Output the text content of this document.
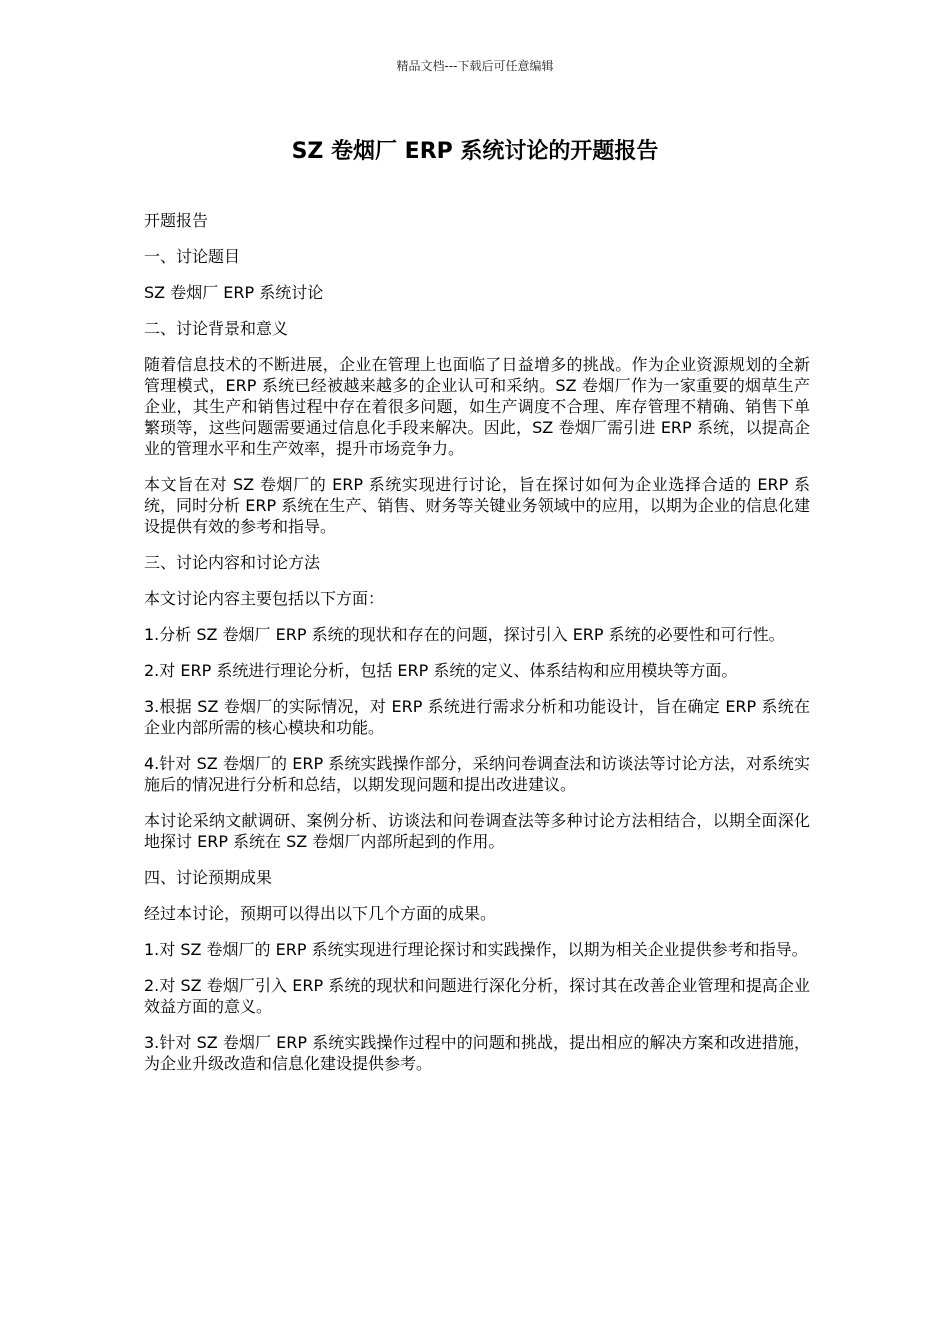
精品文档---下载后可任意编辑
SZ 卷烟厂 ERP 系统讨论的开题报告

开题报告

一、讨论题目

SZ 卷烟厂 ERP 系统讨论

二、讨论背景和意义

随着信息技术的不断进展，企业在管理上也面临了日益增多的挑战。作为企业资源规划的全新管理模式，ERP 系统已经被越来越多的企业认可和采纳。SZ 卷烟厂作为一家重要的烟草生产企业，其生产和销售过程中存在着很多问题，如生产调度不合理、库存管理不精确、销售下单繁琐等，这些问题需要通过信息化手段来解决。因此，SZ 卷烟厂需引进 ERP 系统，以提高企业的管理水平和生产效率，提升市场竞争力。

本文旨在对 SZ 卷烟厂的 ERP 系统实现进行讨论，旨在探讨如何为企业选择合适的 ERP 系统，同时分析 ERP 系统在生产、销售、财务等关键业务领域中的应用，以期为企业的信息化建设提供有效的参考和指导。

三、讨论内容和讨论方法

本文讨论内容主要包括以下方面：

1.分析 SZ 卷烟厂 ERP 系统的现状和存在的问题，探讨引入 ERP 系统的必要性和可行性。

2.对 ERP 系统进行理论分析，包括 ERP 系统的定义、体系结构和应用模块等方面。

3.根据 SZ 卷烟厂的实际情况，对 ERP 系统进行需求分析和功能设计，旨在确定 ERP 系统在企业内部所需的核心模块和功能。

4.针对 SZ 卷烟厂的 ERP 系统实践操作部分，采纳问卷调查法和访谈法等讨论方法，对系统实施后的情况进行分析和总结，以期发现问题和提出改进建议。

本讨论采纳文献调研、案例分析、访谈法和问卷调查法等多种讨论方法相结合，以期全面深化地探讨 ERP 系统在 SZ 卷烟厂内部所起到的作用。

四、讨论预期成果

经过本讨论，预期可以得出以下几个方面的成果。

1.对 SZ 卷烟厂的 ERP 系统实现进行理论探讨和实践操作，以期为相关企业提供参考和指导。

2.对 SZ 卷烟厂引入 ERP 系统的现状和问题进行深化分析，探讨其在改善企业管理和提高企业效益方面的意义。

3.针对 SZ 卷烟厂 ERP 系统实践操作过程中的问题和挑战，提出相应的解决方案和改进措施，为企业升级改造和信息化建设提供参考。
